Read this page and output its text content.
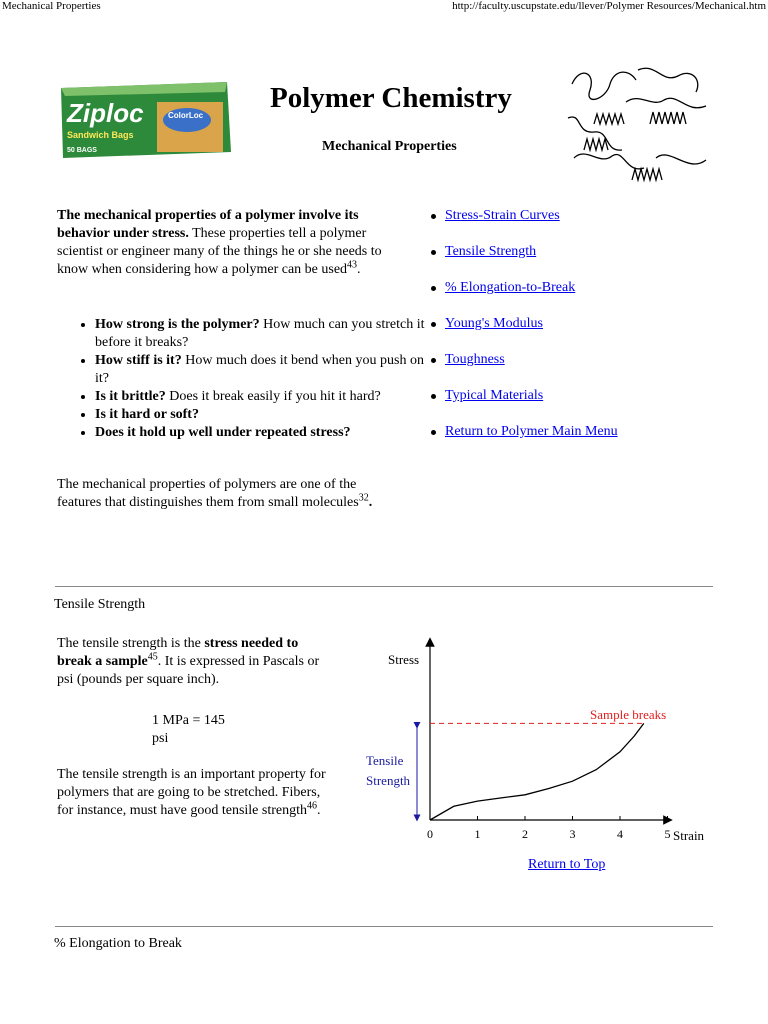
Mechanical Properties	http://faculty.uscupstate.edu/llever/Polymer Resources/Mechanical.htm
Ziploc	ColorLoc
Sandwich Bags
50 BAGS
Polymer Chemistry
Mechanical Properties
The mechanical properties of a polymer involve its behavior under stress. These properties tell a polymer scientist or engineer many of the things he or she needs to know when considering how a polymer can be used$^{43}$.
• How strong is the polymer? How much can you stretch it before it breaks?
• How stiff is it? How much does it bend when you push on it?
• Is it brittle? Does it break easily if you hit it hard?
• Is it hard or soft?
• Does it hold up well under repeated stress?
The mechanical properties of polymers are one of the features that distinguishes them from small molecules$^{32}$.
Stress-Strain Curves
Tensile Strength
% Elongation-to-Break
Young's Modulus
Toughness
Typical Materials
Return to Polymer Main Menu
Tensile Strength
The tensile strength is the stress needed to break a sample$^{45}$. It is expressed in Pascals or psi (pounds per square inch).
1 MPa = 145
psi
The tensile strength is an important property for polymers that are going to be stretched. Fibers, for instance, must have good tensile strength$^{46}$.
Stress
Strain
0	1	2	3	4	5
Sample breaks
Tensile
Strength
Return to Top
% Elongation to Break
